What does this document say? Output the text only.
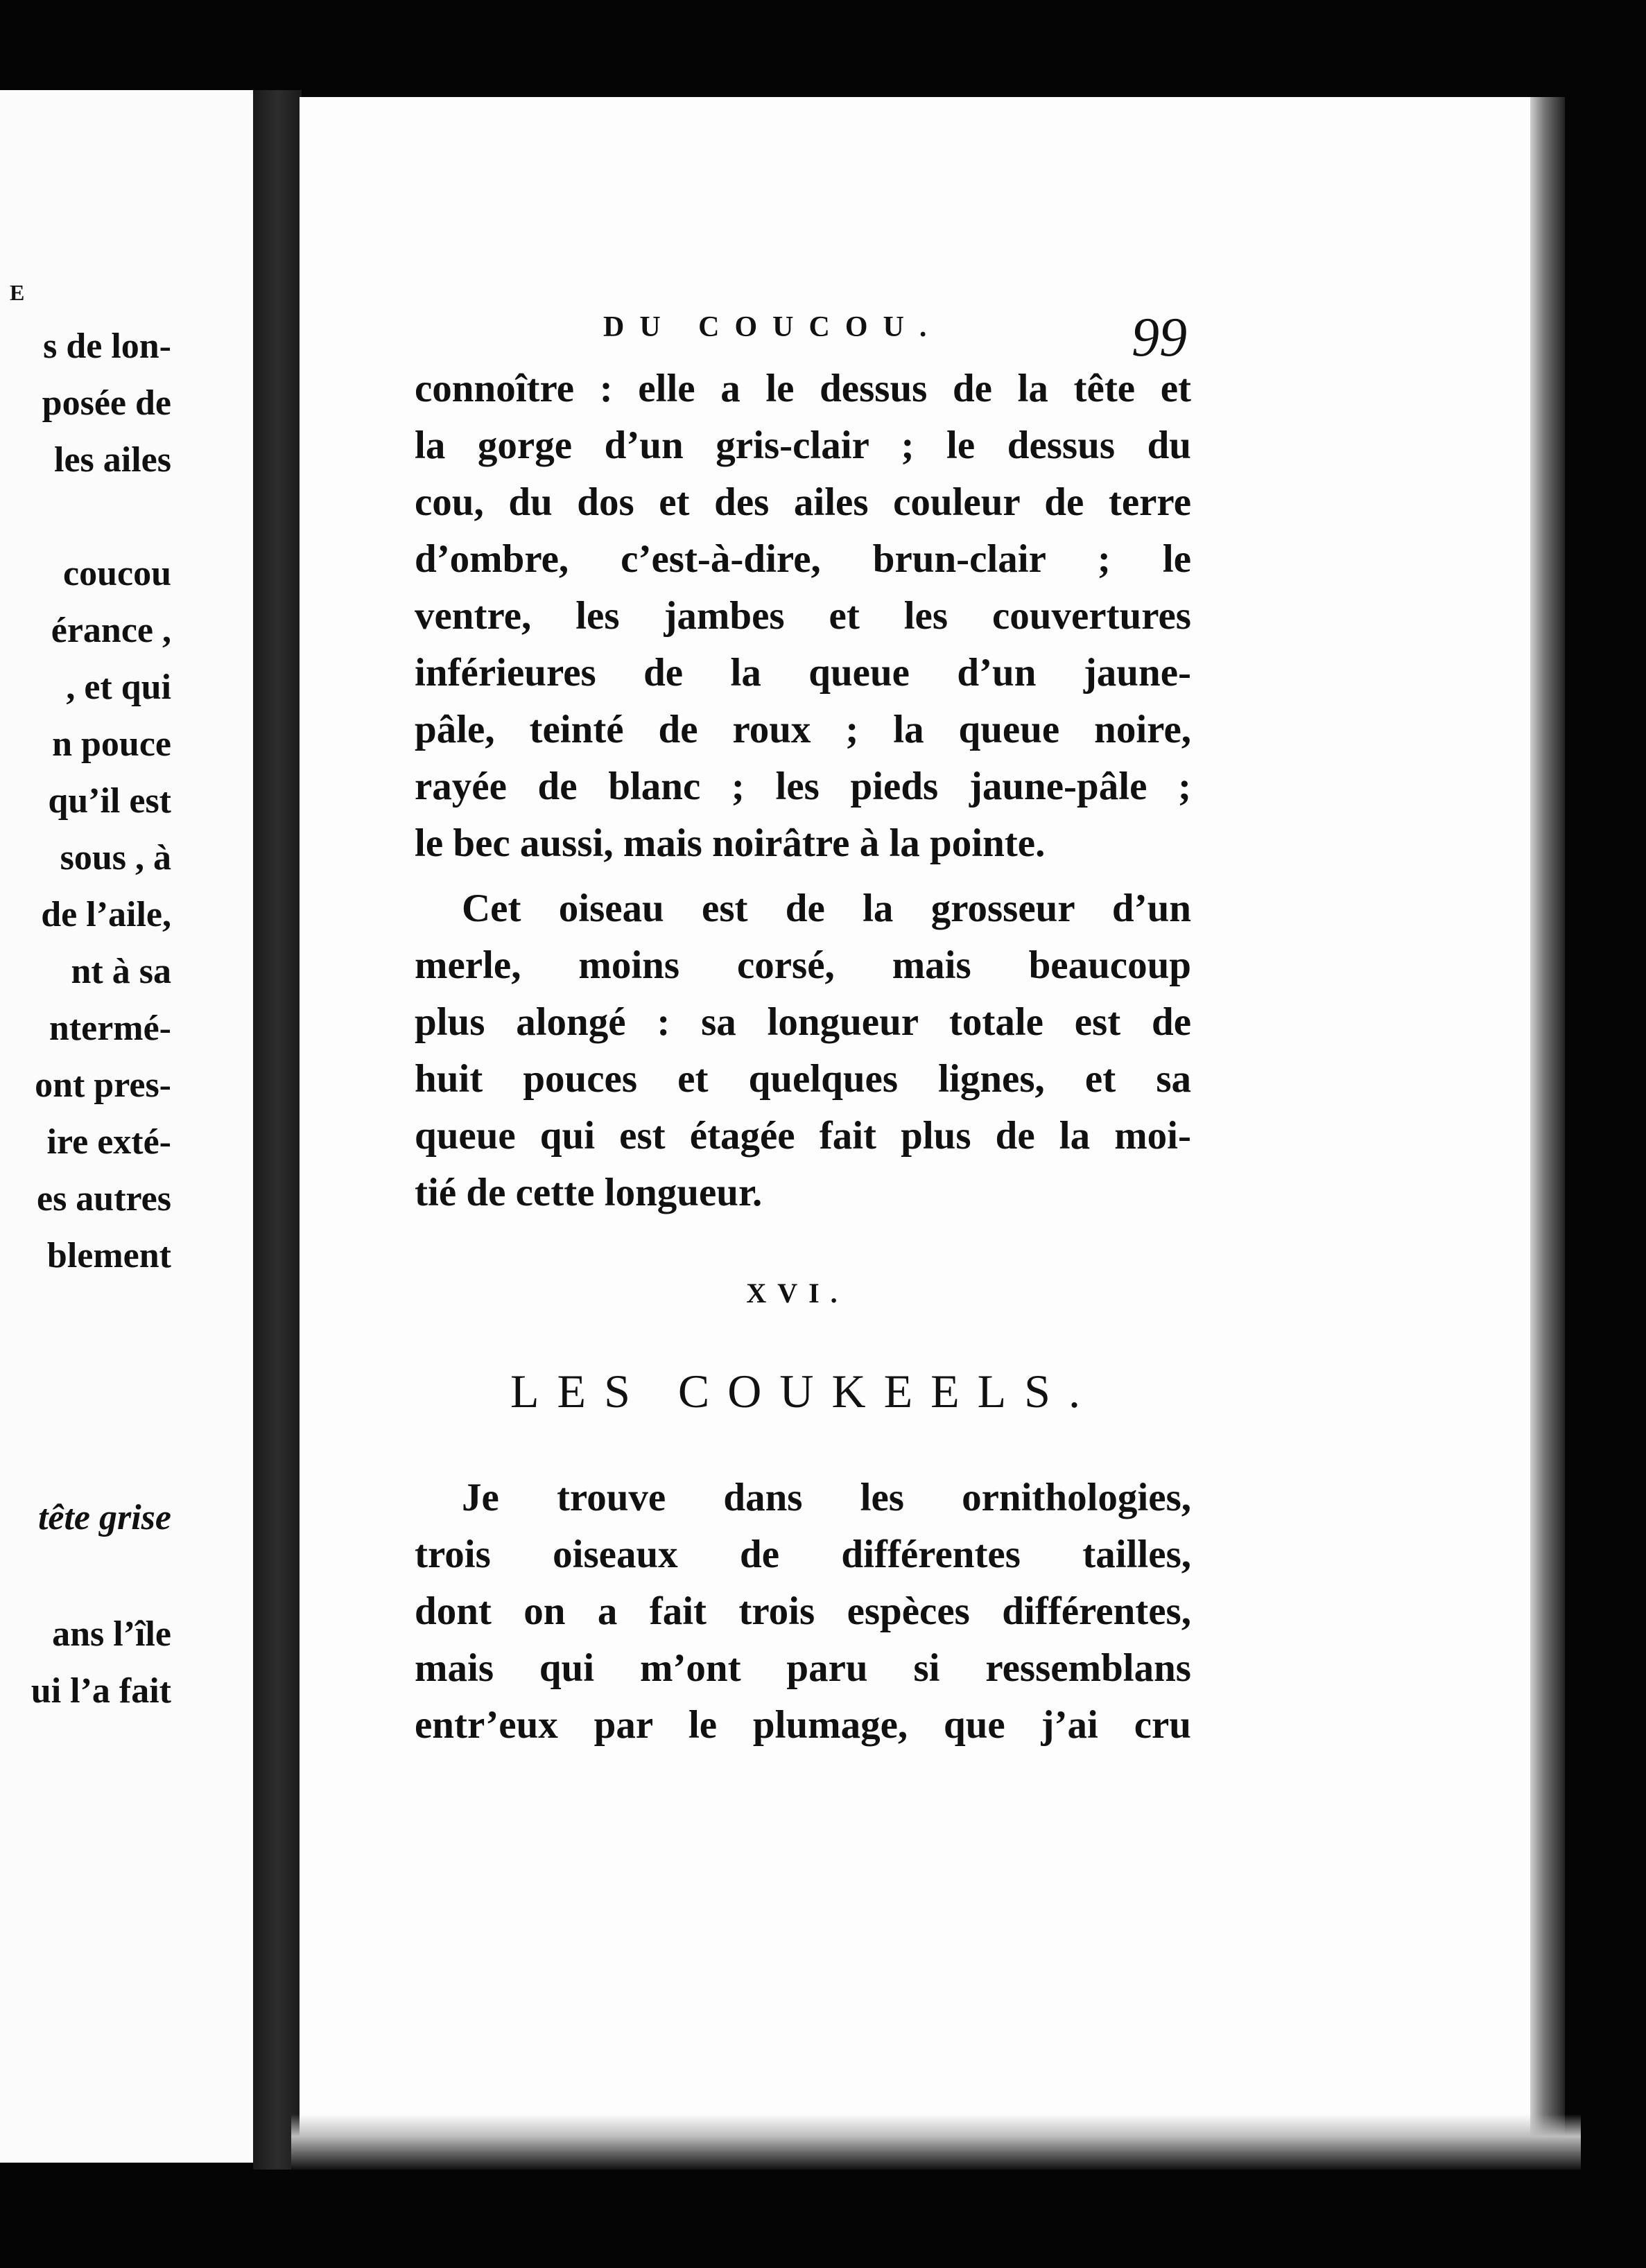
E
s de lon-
posée de
les ailes
coucou
érance ,
, et qui
n pouce
qu’il est
sous , à
de l’aile,
nt à sa
ntermé-
ont pres-
ire exté-
es autres
blement
tête grise
ans l’île
ui l’a fait
DU COUCOU.	99
connoître : elle a le dessus de la tête et
la gorge d’un gris-clair ; le dessus du
cou, du dos et des ailes couleur de terre
d’ombre, c’est-à-dire, brun-clair ; le
ventre, les jambes et les couvertures
inférieures de la queue d’un jaune-
pâle, teinté de roux ; la queue noire,
rayée de blanc ; les pieds jaune-pâle ;
le bec aussi, mais noirâtre à la pointe.
Cet oiseau est de la grosseur d’un
merle, moins corsé, mais beaucoup
plus alongé : sa longueur totale est de
huit pouces et quelques lignes, et sa
queue qui est étagée fait plus de la moi-
tié de cette longueur.
XVI.
LES COUKEELS.
Je trouve dans les ornithologies,
trois oiseaux de différentes tailles,
dont on a fait trois espèces différentes,
mais qui m’ont paru si ressemblans
entr’eux par le plumage, que j’ai cru
